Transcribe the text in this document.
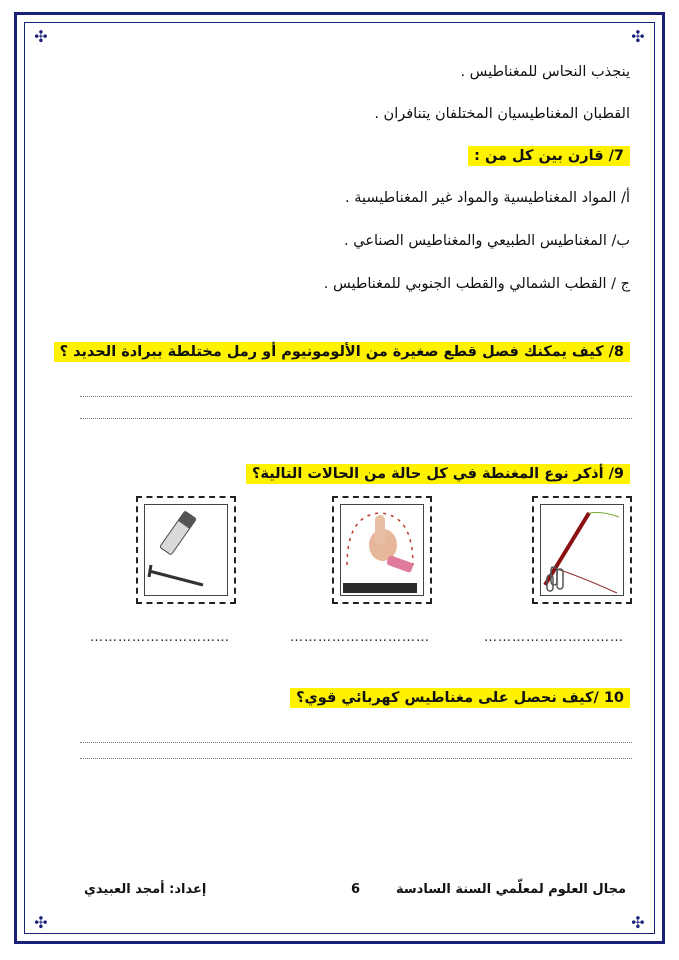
✣	✣
✣	✣
ينجذب النحاس للمغناطيس .
القطبان المغناطيسيان المختلفان يتنافران .
7/ قارن بين كل من :
أ/ المواد المغناطيسية والمواد غير المغناطيسية .
ب/ المغناطيس الطبيعي والمغناطيس الصناعي .
ج / القطب الشمالي والقطب الجنوبي للمغناطيس .
8/ كيف يمكنك فصل قطع صغيرة من الألومونيوم أو رمل مختلطة ببرادة الحديد ؟
9/ أذكر نوع المغنطة في كل حالة من الحالات التالية؟
…………………………
…………………………
…………………………
10 /كيف نحصل على مغناطيس كهربائي قوي؟
مجال العلوم لمعلّمي السنة السادسة
6
إعداد: أمجد العبيدي
